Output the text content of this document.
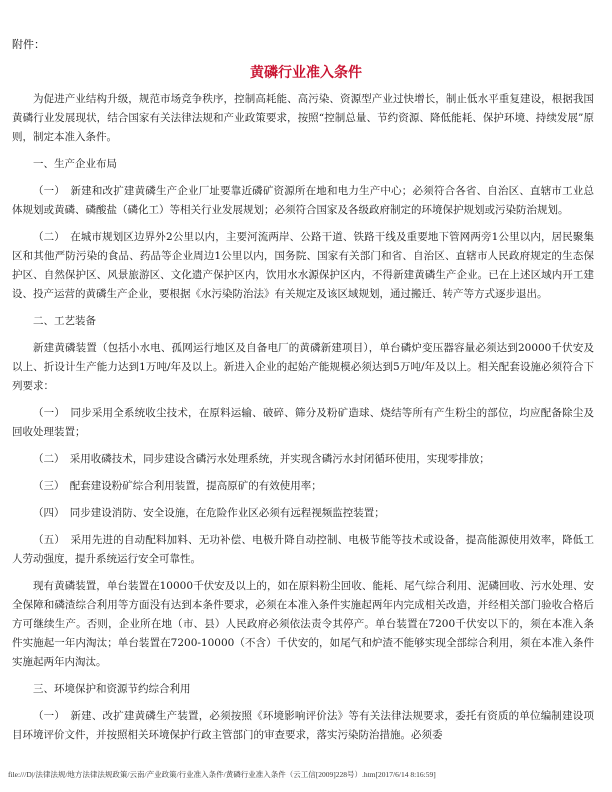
附件：
黄磷行业准入条件

为促进产业结构升级，规范市场竞争秩序，控制高耗能、高污染、资源型产业过快增长，制止低水平重复建设，根据我国黄磷行业发展现状，结合国家有关法律法规和产业政策要求，按照“控制总量、节约资源、降低能耗、保护环境、持续发展”原则，制定本准入条件。

一、生产企业布局

（一）　新建和改扩建黄磷生产企业厂址要靠近磷矿资源所在地和电力生产中心；必须符合各省、自治区、直辖市工业总体规划或黄磷、磷酸盐（磷化工）等相关行业发展规划；必须符合国家及各级政府制定的环境保护规划或污染防治规划。

（二）　在城市规划区边界外2公里以内，主要河流两岸、公路干道、铁路干线及重要地下管网两旁1公里以内，居民聚集区和其他严防污染的食品、药品等企业周边1公里以内，国务院、国家有关部门和省、自治区、直辖市人民政府规定的生态保护区、自然保护区、风景旅游区、文化遗产保护区内，饮用水水源保护区内，不得新建黄磷生产企业。已在上述区域内开工建设、投产运营的黄磷生产企业，要根据《水污染防治法》有关规定及该区域规划，通过搬迁、转产等方式逐步退出。

二、工艺装备

新建黄磷装置（包括小水电、孤网运行地区及自备电厂的黄磷新建项目），单台磷炉变压器容量必须达到20000千伏安及以上、折设计生产能力达到1万吨/年及以上。新进入企业的起始产能规模必须达到5万吨/年及以上。相关配套设施必须符合下列要求：

（一）　同步采用全系统收尘技术，在原料运输、破碎、筛分及粉矿造球、烧结等所有产生粉尘的部位，均应配备除尘及回收处理装置；

（二）　采用收磷技术，同步建设含磷污水处理系统，并实现含磷污水封闭循环使用，实现零排放；

（三）　配套建设粉矿综合利用装置，提高原矿的有效使用率；

（四）　同步建设消防、安全设施，在危险作业区必须有远程视频监控装置；

（五）　采用先进的自动配料加料、无功补偿、电极升降自动控制、电极节能等技术或设备，提高能源使用效率，降低工人劳动强度，提升系统运行安全可靠性。

现有黄磷装置，单台装置在10000千伏安及以上的，如在原料粉尘回收、能耗、尾气综合利用、泥磷回收、污水处理、安全保障和磷渣综合利用等方面没有达到本条件要求，必须在本准入条件实施起两年内完成相关改造，并经相关部门验收合格后方可继续生产。否则，企业所在地（市、县）人民政府必须依法责令其停产。单台装置在7200千伏安以下的，须在本准入条件实施起一年内淘汰；单台装置在7200-10000（不含）千伏安的，如尾气和炉渣不能够实现全部综合利用，须在本准入条件实施起两年内淘汰。

三、环境保护和资源节约综合利用

（一）　新建、改扩建黄磷生产装置，必须按照《环境影响评价法》等有关法律法规要求，委托有资质的单位编制建设项目环境评价文件，并按照相关环境保护行政主管部门的审查要求，落实污染防治措施。必须委

file:///D|/法律法规/地方法律法规政策/云南/产业政策/行业准入条件/黄磷行业准入条件（云工信[2009]228号）.htm[2017/6/14 8:16:59]
